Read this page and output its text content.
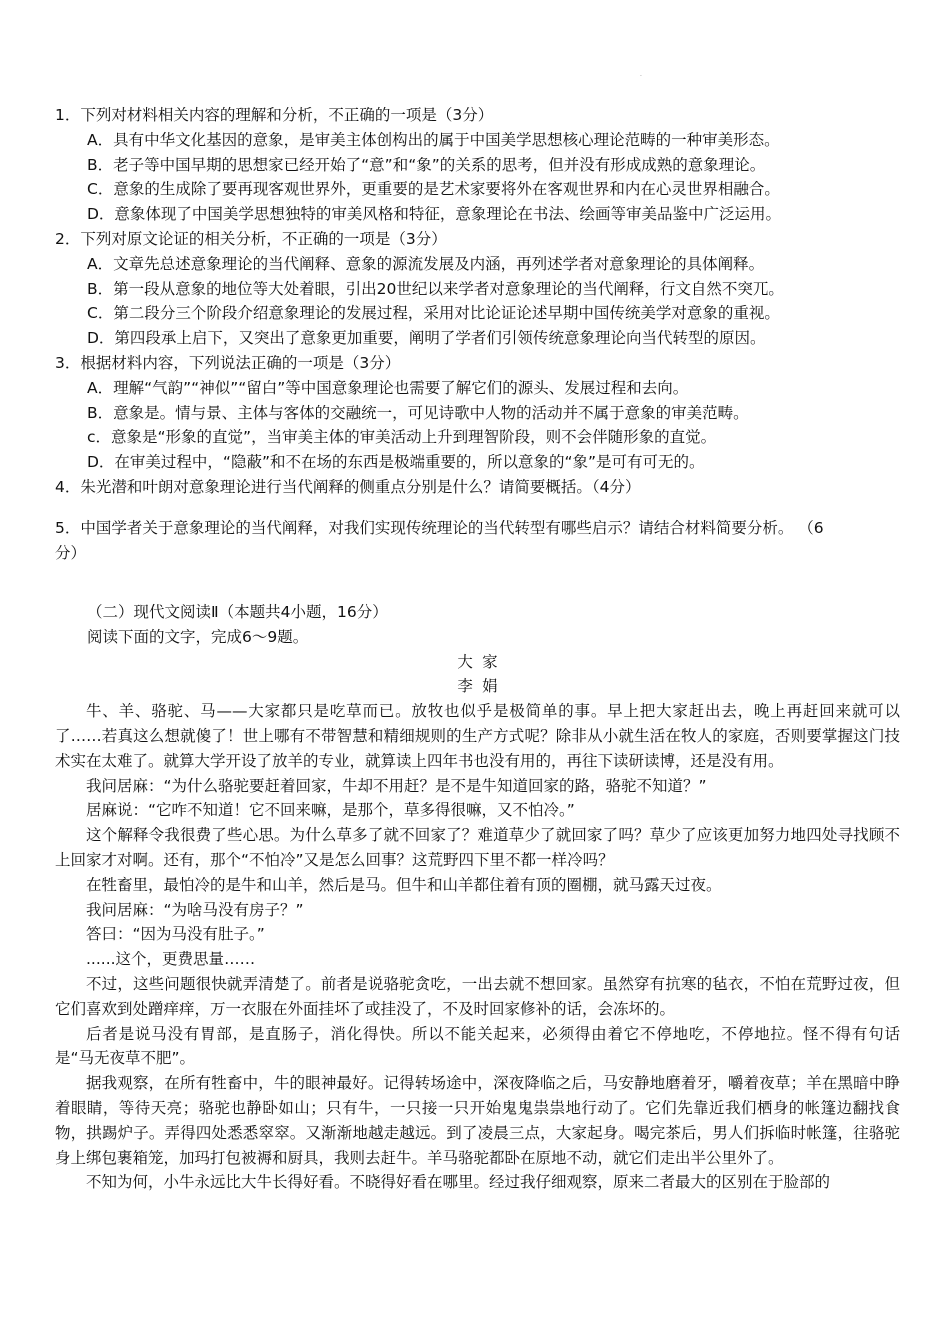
.

1．下列对材料相关内容的理解和分析，不正确的一项是（3分）

A．具有中华文化基因的意象，是审美主体创构出的属于中国美学思想核心理论范畴的一种审美形态。

B．老子等中国早期的思想家已经开始了“意”和“象”的关系的思考，但并没有形成成熟的意象理论。

C．意象的生成除了要再现客观世界外，更重要的是艺术家要将外在客观世界和内在心灵世界相融合。

D．意象体现了中国美学思想独特的审美风格和特征，意象理论在书法、绘画等审美品鉴中广泛运用。

2．下列对原文论证的相关分析，不正确的一项是（3分）

A．文章先总述意象理论的当代阐释、意象的源流发展及内涵，再列述学者对意象理论的具体阐释。

B．第一段从意象的地位等大处着眼，引出20世纪以来学者对意象理论的当代阐释，行文自然不突兀。

C．第二段分三个阶段介绍意象理论的发展过程，采用对比论证论述早期中国传统美学对意象的重视。

D．第四段承上启下，又突出了意象更加重要，阐明了学者们引领传统意象理论向当代转型的原因。

3．根据材料内容，下列说法正确的一项是（3分）

A．理解“气韵”“神似”“留白”等中国意象理论也需要了解它们的源头、发展过程和去向。

B．意象是。情与景、主体与客体的交融统一，可见诗歌中人物的活动并不属于意象的审美范畴。

c．意象是“形象的直觉”，当审美主体的审美活动上升到理智阶段，则不会伴随形象的直觉。

D．在审美过程中，“隐蔽”和不在场的东西是极端重要的，所以意象的“象”是可有可无的。

4．朱光潜和叶朗对意象理论进行当代阐释的侧重点分别是什么？请简要概括。（4分）

5．中国学者关于意象理论的当代阐释，对我们实现传统理论的当代转型有哪些启示？请结合材料简要分析。 （6

分）

（二）现代文阅读Ⅱ（本题共4小题，16分）

阅读下面的文字，完成6～9题。

大家

李娟

牛、羊、骆驼、马——大家都只是吃草而已。放牧也似乎是极简单的事。早上把大家赶出去，晚上再赶回来就可以了……若真这么想就傻了！世上哪有不带智慧和精细规则的生产方式呢？除非从小就生活在牧人的家庭，否则要掌握这门技术实在太难了。就算大学开设了放羊的专业，就算读上四年书也没有用的，再往下读研读博，还是没有用。

我问居麻：“为什么骆驼要赶着回家，牛却不用赶？是不是牛知道回家的路，骆驼不知道？”

居麻说：“它咋不知道！它不回来嘛，是那个，草多得很嘛，又不怕冷。”

这个解释令我很费了些心思。为什么草多了就不回家了？难道草少了就回家了吗？草少了应该更加努力地四处寻找顾不上回家才对啊。还有，那个“不怕冷”又是怎么回事？这荒野四下里不都一样冷吗？

在牲畜里，最怕冷的是牛和山羊，然后是马。但牛和山羊都住着有顶的圈棚，就马露天过夜。

我问居麻：“为啥马没有房子？”

答曰：“因为马没有肚子。”

......这个，更费思量……

不过，这些问题很快就弄清楚了。前者是说骆驼贪吃，一出去就不想回家。虽然穿有抗寒的毡衣，不怕在荒野过夜，但它们喜欢到处蹭痒痒，万一衣服在外面挂坏了或挂没了，不及时回家修补的话，会冻坏的。

后者是说马没有胃部，是直肠子，消化得快。所以不能关起来，必须得由着它不停地吃，不停地拉。怪不得有句话是“马无夜草不肥”。

据我观察，在所有牲畜中，牛的眼神最好。记得转场途中，深夜降临之后，马安静地磨着牙，嚼着夜草；羊在黑暗中睁着眼睛，等待天亮；骆驼也静卧如山；只有牛，一只接一只开始鬼鬼祟祟地行动了。它们先靠近我们栖身的帐篷边翻找食物，拱踢炉子。弄得四处悉悉窣窣。又渐渐地越走越远。到了凌晨三点，大家起身。喝完茶后，男人们拆临时帐篷，往骆驼身上绑包裹箱笼，加玛打包被褥和厨具，我则去赶牛。羊马骆驼都卧在原地不动，就它们走出半公里外了。

不知为何，小牛永远比大牛长得好看。不晓得好看在哪里。经过我仔细观察，原来二者最大的区别在于脸部的
